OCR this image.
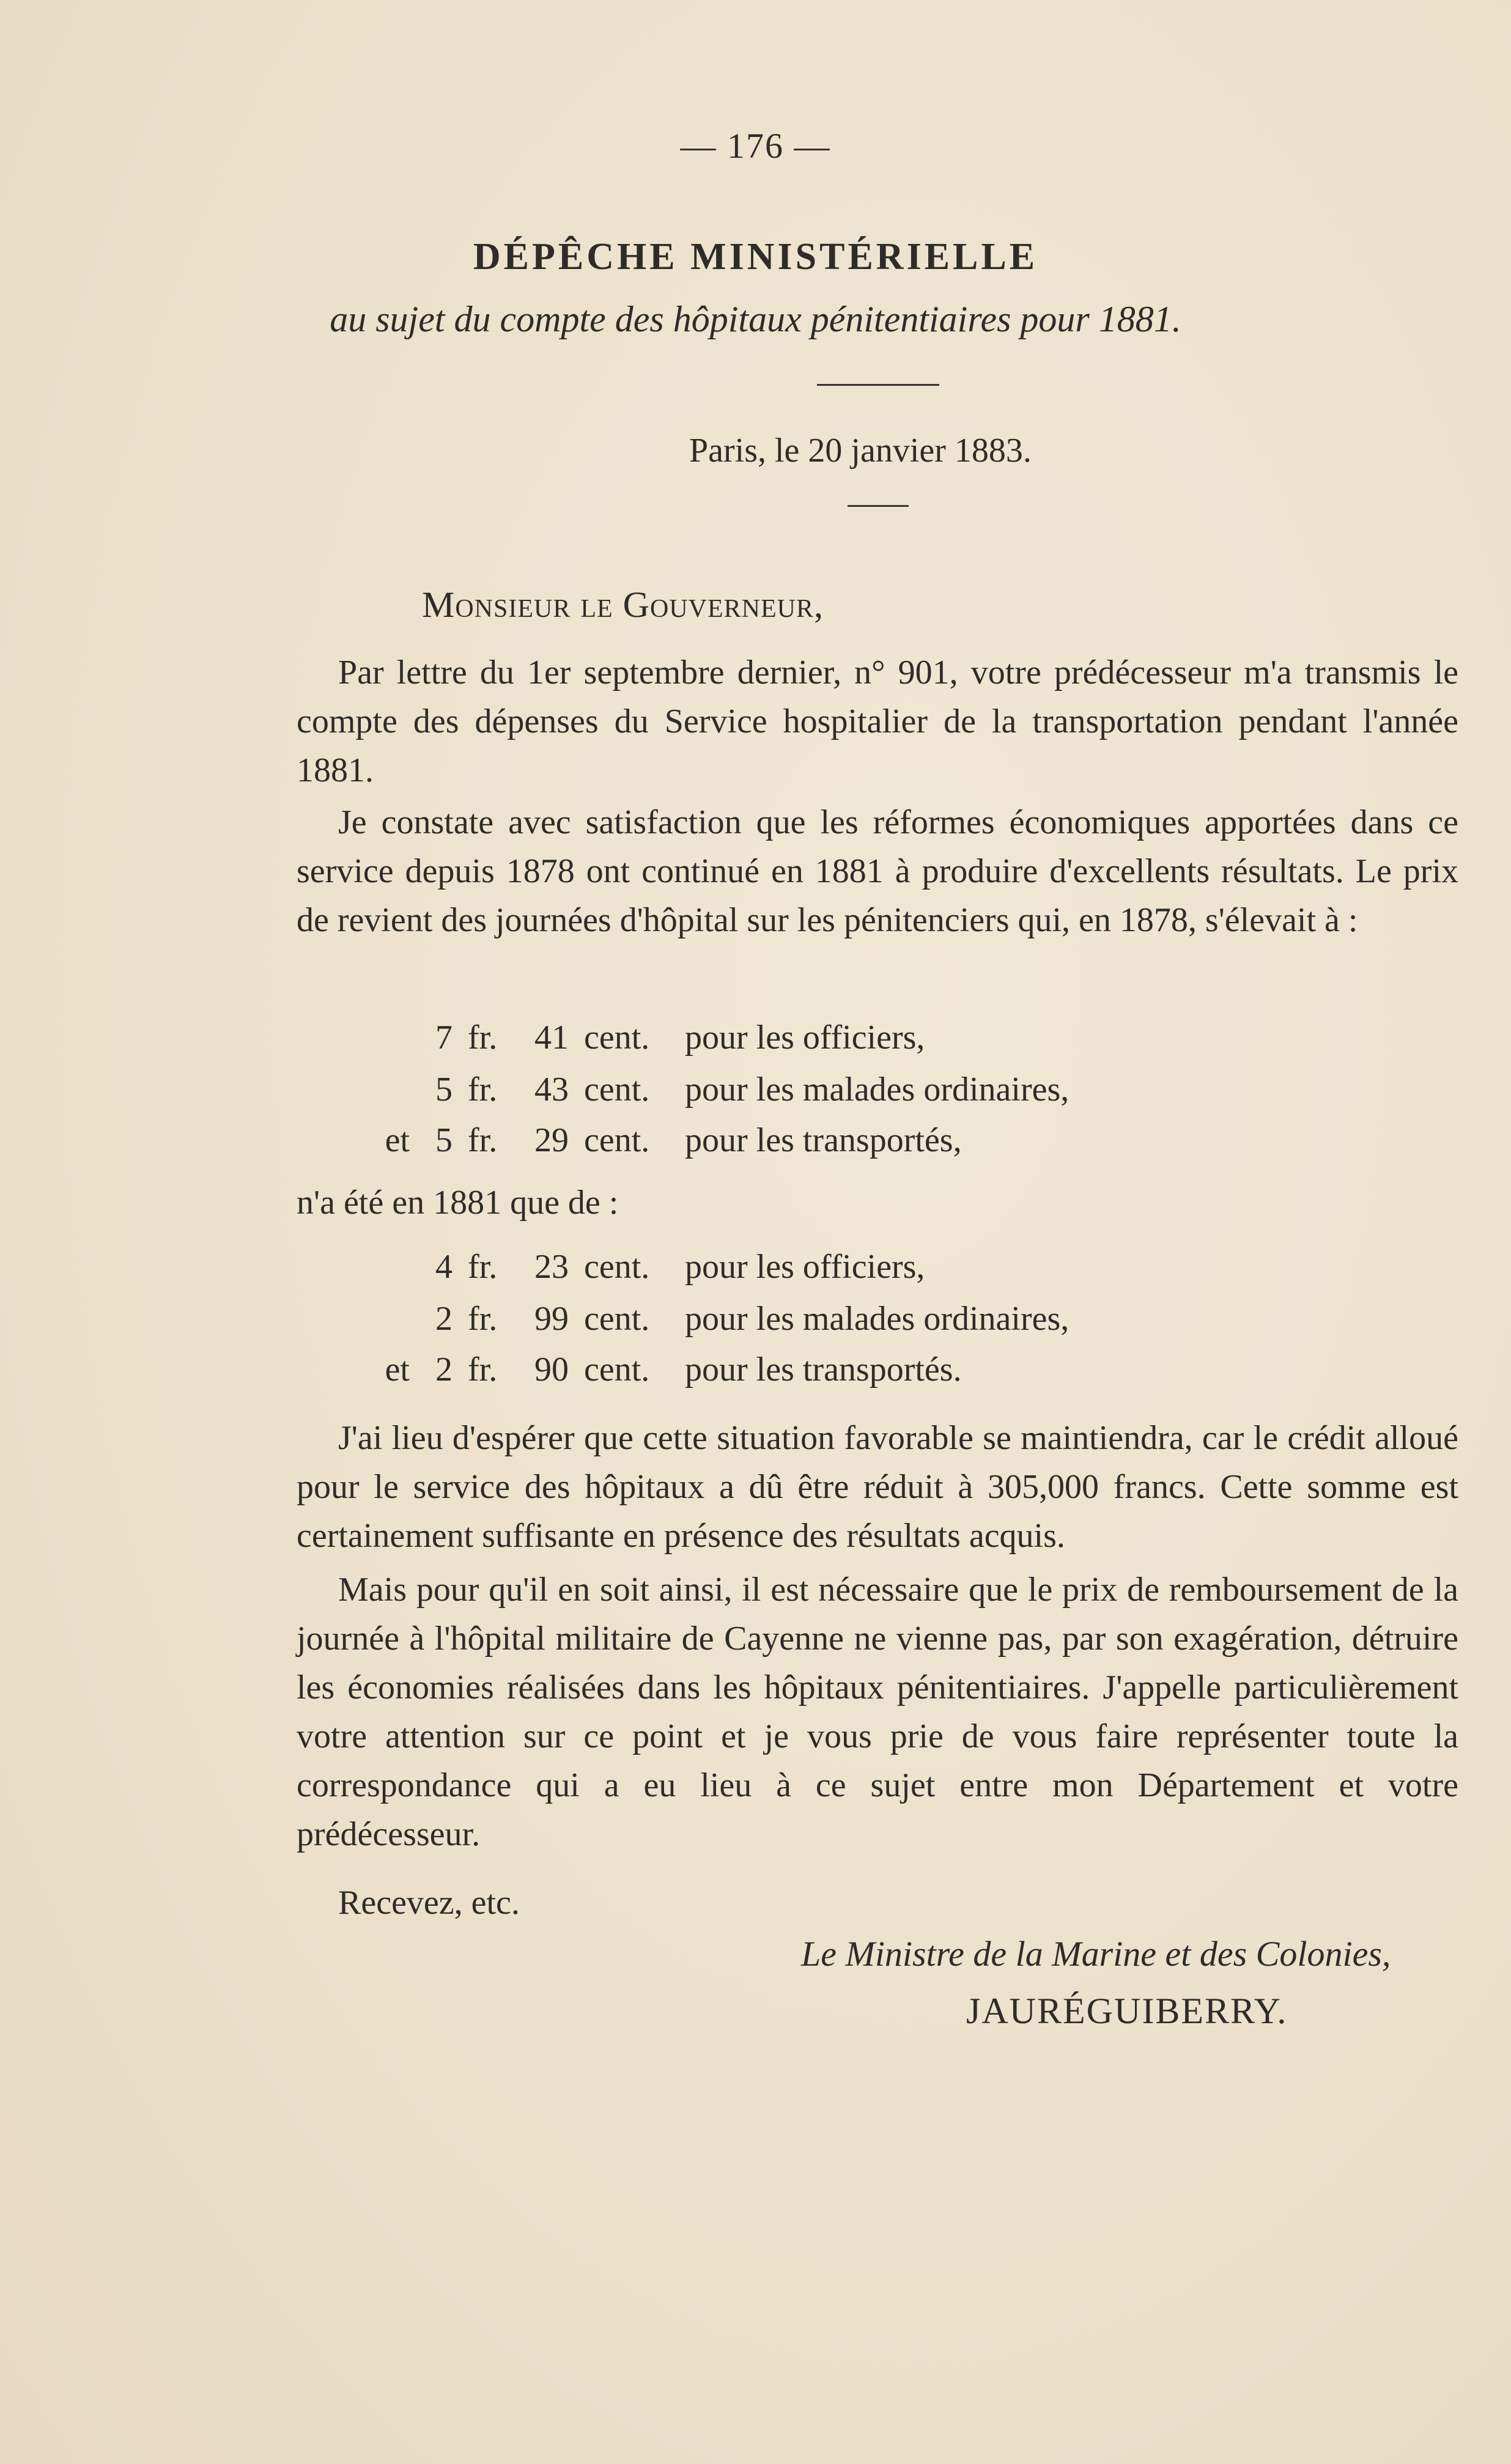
— 176 —
DÉPÊCHE MINISTÉRIELLE
au sujet du compte des hôpitaux pénitentiaires pour 1881.
Paris, le 20 janvier 1883.
Monsieur le Gouverneur,

Par lettre du 1er septembre dernier, n° 901, votre prédécesseur m'a transmis le compte des dépenses du Service hospitalier de la transportation pendant l'année 1881.

Je constate avec satisfaction que les réformes économiques apportées dans ce service depuis 1878 ont continué en 1881 à produire d'excellents résultats. Le prix de revient des journées d'hôpital sur les pénitenciers qui, en 1878, s'élevait à :

7 fr.	41 cent. pour les officiers,
5 fr.	43 cent. pour les malades ordinaires,
et 5 fr.	29 cent. pour les transportés,
n'a été en 1881 que de :
4 fr.	23 cent. pour les officiers,
2 fr.	99 cent. pour les malades ordinaires,
et 2 fr.	90 cent. pour les transportés.

J'ai lieu d'espérer que cette situation favorable se maintiendra, car le crédit alloué pour le service des hôpitaux a dû être réduit à 305,000 francs. Cette somme est certainement suffisante en présence des résultats acquis.

Mais pour qu'il en soit ainsi, il est nécessaire que le prix de remboursement de la journée à l'hôpital militaire de Cayenne ne vienne pas, par son exagération, détruire les économies réalisées dans les hôpitaux pénitentiaires. J'appelle particulièrement votre attention sur ce point et je vous prie de vous faire représenter toute la correspondance qui a eu lieu à ce sujet entre mon Département et votre prédécesseur.

Recevez, etc.
Le Ministre de la Marine et des Colonies,
JAURÉGUIBERRY.
